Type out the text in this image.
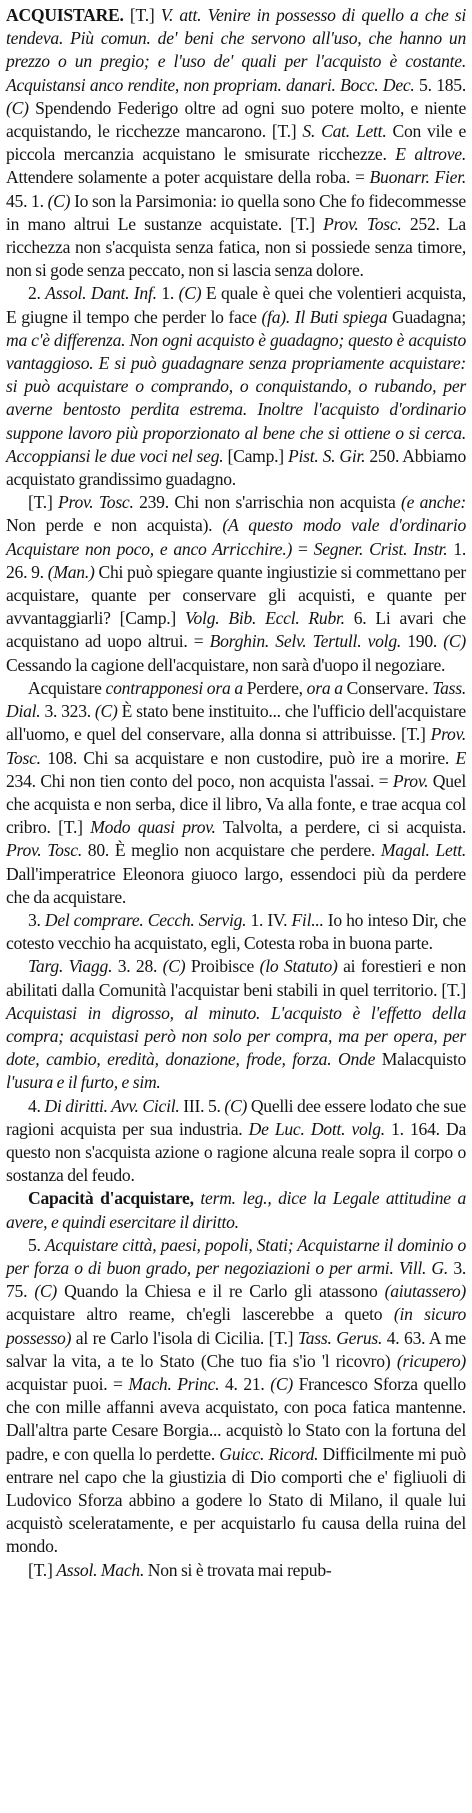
ACQUISTARE. [T.] V. att. Venire in possesso di quello a che si tendeva. Più comun. de' beni che servono all'uso, che hanno un prezzo o un pregio; e l'uso de' quali per l'acquisto è costante. Acquistansi anco rendite, non propriam. danari. Bocc. Dec. 5. 185. (C) Spendendo Federigo oltre ad ogni suo potere molto, e niente acquistando, le ricchezze mancarono. [T.] S. Cat. Lett. Con vile e piccola mercanzia acquistano le smisurate ricchezze. E altrove. Attendere solamente a poter acquistare della roba. = Buonarr. Fier. 45. 1. (C) Io son la Parsimonia: io quella sono Che fo fidecommesse in mano altrui Le sustanze acquistate. [T.] Prov. Tosc. 252. La ricchezza non s'acquista senza fatica, non si possiede senza timore, non si gode senza peccato, non si lascia senza dolore.

2. Assol. Dant. Inf. 1. (C) E quale è quei che volentieri acquista, E giugne il tempo che perder lo face (fa). Il Buti spiega Guadagna; ma c'è differenza. Non ogni acquisto è guadagno; questo è acquisto vantaggioso. E si può guadagnare senza propriamente acquistare: si può acquistare o comprando, o conquistando, o rubando, per averne bentosto perdita estrema. Inoltre l'acquisto d'ordinario suppone lavoro più proporzionato al bene che si ottiene o si cerca. Accoppiansi le due voci nel seg. [Camp.] Pist. S. Gir. 250. Abbiamo acquistato grandissimo guadagno.

[T.] Prov. Tosc. 239. Chi non s'arrischia non acquista (e anche: Non perde e non acquista). (A questo modo vale d'ordinario Acquistare non poco, e anco Arricchire.) = Segner. Crist. Instr. 1. 26. 9. (Man.) Chi può spiegare quante ingiustizie si commettano per acquistare, quante per conservare gli acquisti, e quante per avvantaggiarli? [Camp.] Volg. Bib. Eccl. Rubr. 6. Li avari che acquistano ad uopo altrui. = Borghin. Selv. Tertull. volg. 190. (C) Cessando la cagione dell'acquistare, non sarà d'uopo il negoziare.

Acquistare contrapponesi ora a Perdere, ora a Conservare. Tass. Dial. 3. 323. (C) È stato bene instituito... che l'ufficio dell'acquistare all'uomo, e quel del conservare, alla donna si attribuisse. [T.] Prov. Tosc. 108. Chi sa acquistare e non custodire, può ire a morire. E 234. Chi non tien conto del poco, non acquista l'assai. = Prov. Quel che acquista e non serba, dice il libro, Va alla fonte, e trae acqua col cribro. [T.] Modo quasi prov. Talvolta, a perdere, ci si acquista. Prov. Tosc. 80. È meglio non acquistare che perdere. Magal. Lett. Dall'imperatrice Eleonora giuoco largo, essendoci più da perdere che da acquistare.

3. Del comprare. Cecch. Servig. 1. IV. Fil... Io ho inteso Dir, che cotesto vecchio ha acquistato, egli, Cotesta roba in buona parte.

Targ. Viagg. 3. 28. (C) Proibisce (lo Statuto) ai forestieri e non abilitati dalla Comunità l'acquistar beni stabili in quel territorio. [T.] Acquistasi in digrosso, al minuto. L'acquisto è l'effetto della compra; acquistasi però non solo per compra, ma per opera, per dote, cambio, eredità, donazione, frode, forza. Onde Malacquisto l'usura e il furto, e sim.

4. Di diritti. Avv. Cicil. III. 5. (C) Quelli dee essere lodato che sue ragioni acquista per sua industria. De Luc. Dott. volg. 1. 164. Da questo non s'acquista azione o ragione alcuna reale sopra il corpo o sostanza del feudo.

Capacità d'acquistare, term. leg., dice la Legale attitudine a avere, e quindi esercitare il diritto.

5. Acquistare città, paesi, popoli, Stati; Acquistarne il dominio o per forza o di buon grado, per negoziazioni o per armi. Vill. G. 3. 75. (C) Quando la Chiesa e il re Carlo gli atassono (aiutassero) acquistare altro reame, ch'egli lascerebbe a queto (in sicuro possesso) al re Carlo l'isola di Cicilia. [T.] Tass. Gerus. 4. 63. A me salvar la vita, a te lo Stato (Che tuo fia s'io 'l ricovro) (ricupero) acquistar puoi. = Mach. Princ. 4. 21. (C) Francesco Sforza quello che con mille affanni aveva acquistato, con poca fatica mantenne. Dall'altra parte Cesare Borgia... acquistò lo Stato con la fortuna del padre, e con quella lo perdette. Guicc. Ricord. Difficilmente mi può entrare nel capo che la giustizia di Dio comporti che e' figliuoli di Ludovico Sforza abbino a godere lo Stato di Milano, il quale lui acquistò sceleratamente, e per acquistarlo fu causa della ruina del mondo.

[T.] Assol. Mach. Non si è trovata mai repub-
